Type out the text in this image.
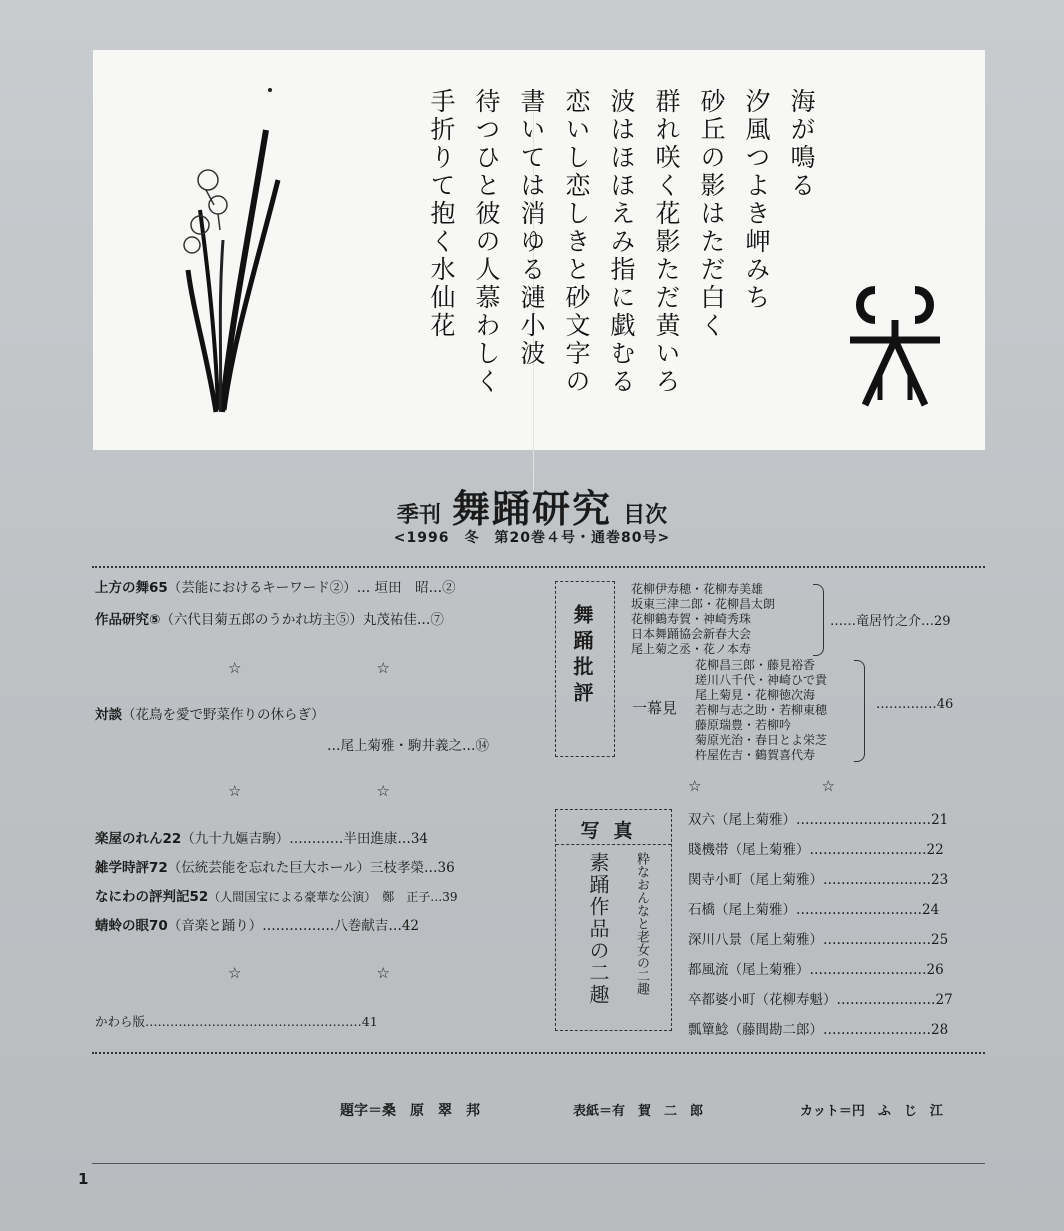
海が鳴る
汐風つよき岬みち
砂丘の影はただ白く
群れ咲く花影ただ黄いろ
波はほほえみ指に戯むる
恋いし恋しきと砂文字の
書いては消ゆる漣小波
待つひと彼の人慕わしく
手折りて抱く水仙花
季刊 舞踊研究 目次
<1996　冬　第20巻４号・通巻80号>
上方の舞65（芸能におけるキーワード②）… 垣田　昭…②
作品研究⑤（六代目菊五郎のうかれ坊主⑤）丸茂祐佳…⑦
☆　　　　　　　　　☆
対談（花鳥を愛で野菜作りの休らぎ）
…尾上菊雅・駒井義之…⑭
☆　　　　　　　　　☆
楽屋のれん22（九十九嫗吉駒）‥‥‥‥‥‥半田進康…34
雑学時評72（伝統芸能を忘れた巨大ホール）三枝孝榮…36
なにわの評判記52（人間国宝による豪華な公演）　鄭　正子…39
蜻蛉の眼70（音楽と踊り）‥‥‥‥‥‥‥‥八巻献吉…42
☆　　　　　　　　　☆
かわら版‥‥‥‥‥‥‥‥‥‥‥‥‥‥‥‥‥‥‥‥‥‥‥‥‥‥41
舞踊批評
花柳伊寿穂・花柳寿美雄
坂東三津二郎・花柳昌太朗
花柳鶴寿賀・神崎秀珠
日本舞踊協会新春大会
尾上菊之丞・花ノ本寿
……竜居竹之介…29
一幕見
花柳昌三郎・藤見裕香
瑳川八千代・神崎ひで貴
尾上菊見・花柳徳次海
若柳与志之助・若柳東穂
藤原瑞豊・若柳吟
菊原光治・春日とよ栄芝
杵屋佐吉・鶴賀喜代寿
‥‥‥‥‥‥‥46
☆　　　　　　　　☆
写真
素踊作品の二趣 粋なおんなと老女の二趣
双六（尾上菊雅）‥‥‥‥‥‥‥‥‥‥‥‥‥‥‥21
賤機帯（尾上菊雅）‥‥‥‥‥‥‥‥‥‥‥‥‥22
関寺小町（尾上菊雅）‥‥‥‥‥‥‥‥‥‥‥‥23
石橋（尾上菊雅）‥‥‥‥‥‥‥‥‥‥‥‥‥‥24
深川八景（尾上菊雅）‥‥‥‥‥‥‥‥‥‥‥‥25
都風流（尾上菊雅）‥‥‥‥‥‥‥‥‥‥‥‥‥26
卒都婆小町（花柳寿魁）‥‥‥‥‥‥‥‥‥‥‥27
瓢簞鯰（藤間勘二郎）‥‥‥‥‥‥‥‥‥‥‥‥28
題字＝桑　原　翠　邦	表紙＝有　賀　二　郎	カット＝円　ふ　じ　江
1
